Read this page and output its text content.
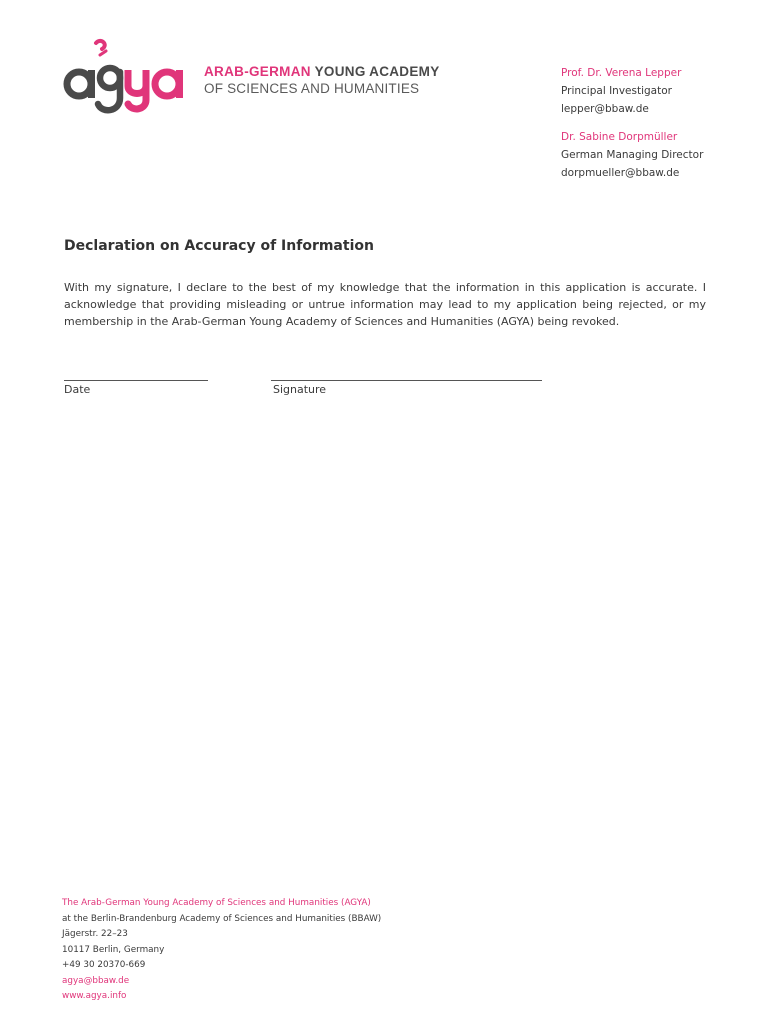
ARAB-GERMAN YOUNG ACADEMY
OF SCIENCES AND HUMANITIES
Prof. Dr. Verena Lepper
Principal Investigator
lepper@bbaw.de
Dr. Sabine Dorpmüller
German Managing Director
dorpmueller@bbaw.de
Declaration on Accuracy of Information

With my signature, I declare to the best of my knowledge that the information in this application is accurate. I acknowledge that providing misleading or untrue information may lead to my application being rejected, or my membership in the Arab-German Young Academy of Sciences and Humanities (AGYA) being revoked.

Date	Signature
The Arab-German Young Academy of Sciences and Humanities (AGYA)
at the Berlin-Brandenburg Academy of Sciences and Humanities (BBAW)
Jägerstr. 22–23
10117 Berlin, Germany
+49 30 20370-669
agya@bbaw.de
www.agya.info
